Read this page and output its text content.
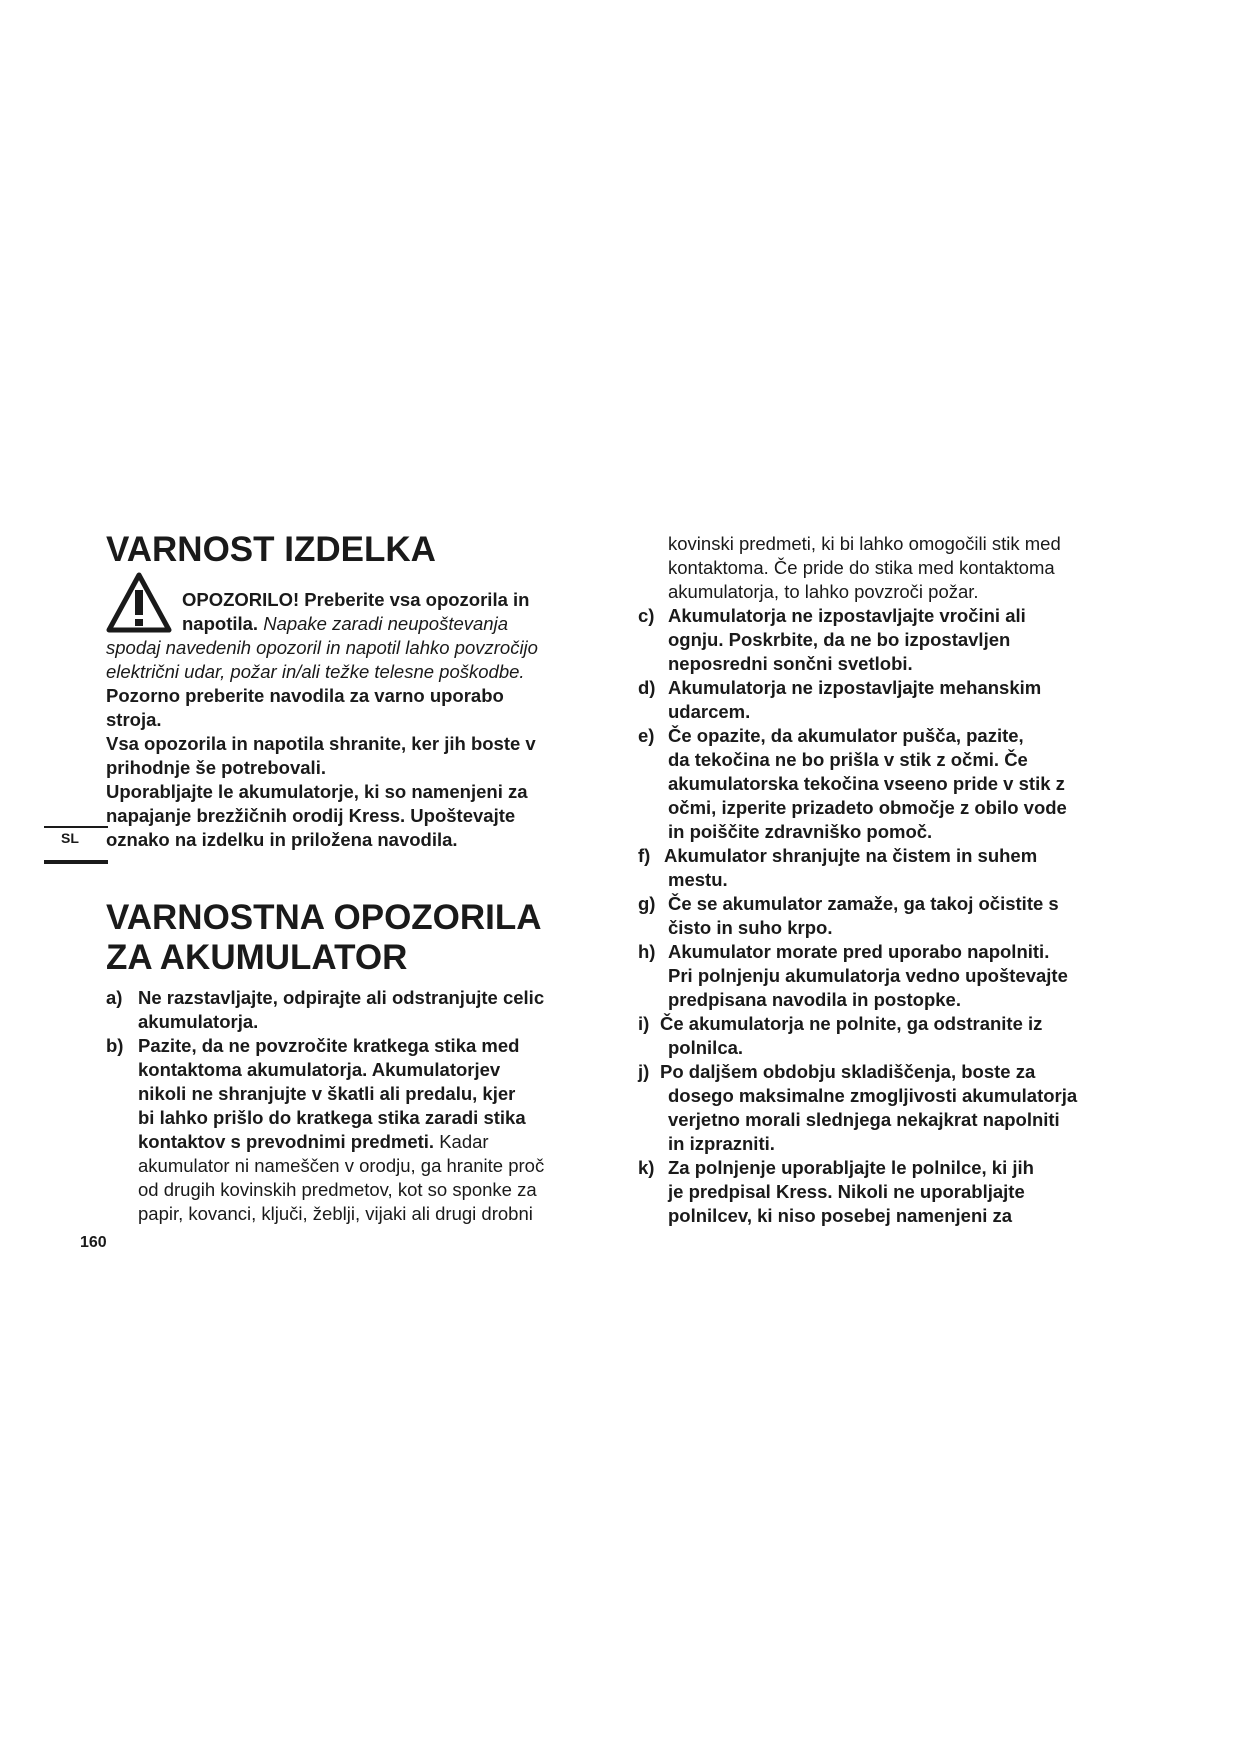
SL
VARNOST IZDELKA
OPOZORILO! Preberite vsa opozorila in
napotila. Napake zaradi neupoštevanja
spodaj navedenih opozoril in napotil lahko povzročijo
električni udar, požar in/ali težke telesne poškodbe.
Pozorno preberite navodila za varno uporabo
stroja.
Vsa opozorila in napotila shranite, ker jih boste v
prihodnje še potrebovali.
Uporabljajte le akumulatorje, ki so namenjeni za
napajanje brezžičnih orodij Kress. Upoštevajte
oznako na izdelku in priložena navodila.
VARNOSTNA OPOZORILA
ZA AKUMULATOR
a) Ne razstavljajte, odpirajte ali odstranjujte celic
akumulatorja.
b) Pazite, da ne povzročite kratkega stika med
kontaktoma akumulatorja. Akumulatorjev
nikoli ne shranjujte v škatli ali predalu, kjer
bi lahko prišlo do kratkega stika zaradi stika
kontaktov s prevodnimi predmeti. Kadar
akumulator ni nameščen v orodju, ga hranite proč
od drugih kovinskih predmetov, kot so sponke za
papir, kovanci, ključi, žeblji, vijaki ali drugi drobni
160
kovinski predmeti, ki bi lahko omogočili stik med
kontaktoma. Če pride do stika med kontaktoma
akumulatorja, to lahko povzroči požar.
c) Akumulatorja ne izpostavljajte vročini ali
ognju. Poskrbite, da ne bo izpostavljen
neposredni sončni svetlobi.
d) Akumulatorja ne izpostavljajte mehanskim
udarcem.
e) Če opazite, da akumulator pušča, pazite,
da tekočina ne bo prišla v stik z očmi. Če
akumulatorska tekočina vseeno pride v stik z
očmi, izperite prizadeto območje z obilo vode
in poiščite zdravniško pomoč.
f) Akumulator shranjujte na čistem in suhem
mestu.
g) Če se akumulator zamaže, ga takoj očistite s
čisto in suho krpo.
h) Akumulator morate pred uporabo napolniti.
Pri polnjenju akumulatorja vedno upoštevajte
predpisana navodila in postopke.
i) Če akumulatorja ne polnite, ga odstranite iz
polnilca.
j) Po daljšem obdobju skladiščenja, boste za
dosego maksimalne zmogljivosti akumulatorja
verjetno morali slednjega nekajkrat napolniti
in izprazniti.
k) Za polnjenje uporabljajte le polnilce, ki jih
je predpisal Kress. Nikoli ne uporabljajte
polnilcev, ki niso posebej namenjeni za
